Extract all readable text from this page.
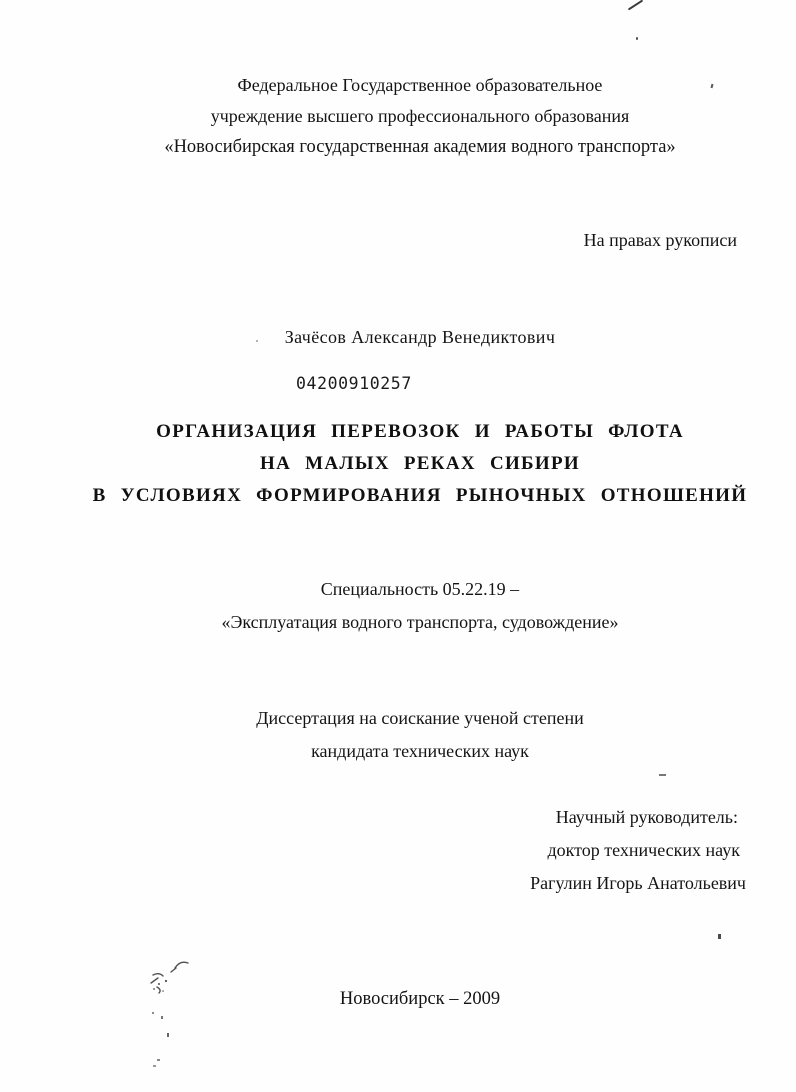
Федеральное Государственное образовательное
учреждение высшего профессионального образования
«Новосибирская государственная академия водного транспорта»
На правах рукописи
Зачёсов Александр Венедиктович
04200910257
ОРГАНИЗАЦИЯ ПЕРЕВОЗОК И РАБОТЫ ФЛОТА
НА МАЛЫХ РЕКАХ СИБИРИ
В УСЛОВИЯХ ФОРМИРОВАНИЯ РЫНОЧНЫХ ОТНОШЕНИЙ
Специальность 05.22.19 –
«Эксплуатация водного транспорта, судовождение»
Диссертация на соискание ученой степени
кандидата технических наук
Научный руководитель:
доктор технических наук
Рагулин Игорь Анатольевич
Новосибирск – 2009
